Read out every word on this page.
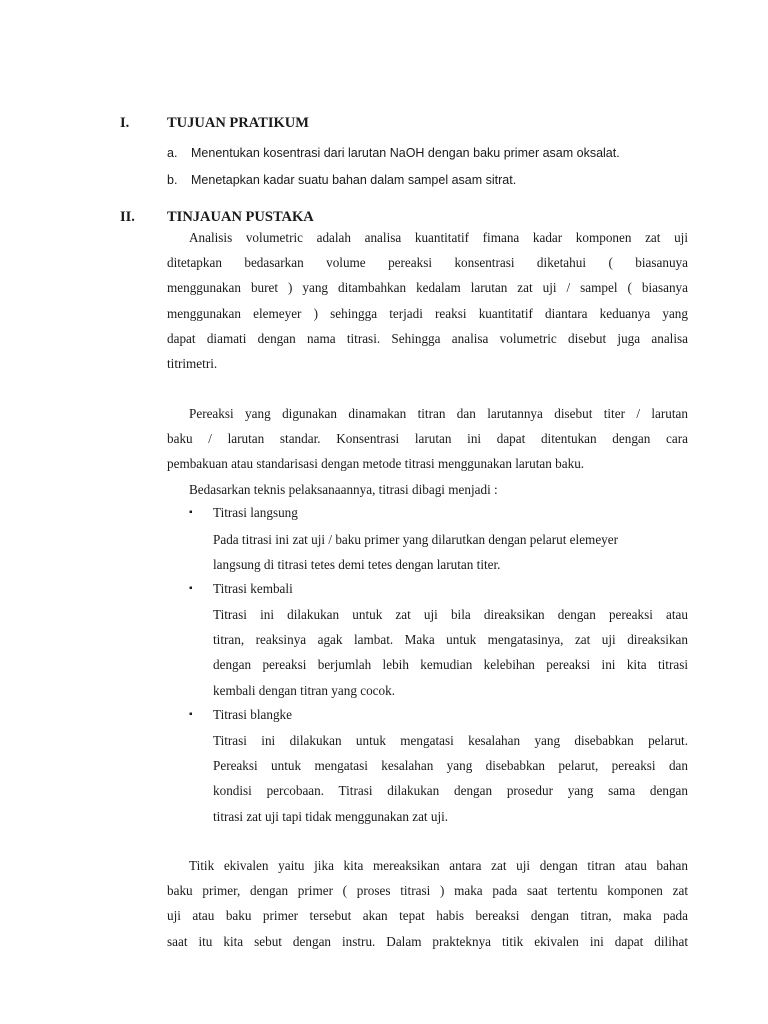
I.	TUJUAN PRATIKUM
a. Menentukan kosentrasi dari larutan NaOH dengan baku primer asam oksalat.
b. Menetapkan kadar suatu bahan dalam sampel asam sitrat.
II. TINJAUAN PUSTAKA
Analisis volumetric adalah analisa kuantitatif fimana kadar komponen zat uji
ditetapkan bedasarkan volume pereaksi konsentrasi diketahui ( biasanuya
menggunakan buret ) yang ditambahkan kedalam larutan zat uji / sampel ( biasanya
menggunakan elemeyer ) sehingga terjadi reaksi kuantitatif diantara keduanya yang
dapat diamati dengan nama titrasi. Sehingga analisa volumetric disebut juga analisa
titrimetri.
Pereaksi yang digunakan dinamakan titran dan larutannya disebut titer / larutan
baku / larutan standar. Konsentrasi larutan ini dapat ditentukan dengan cara
pembakuan atau standarisasi dengan metode titrasi menggunakan larutan baku.
Bedasarkan teknis pelaksanaannya, titrasi dibagi menjadi :
▪ Titrasi langsung
Pada titrasi ini zat uji / baku primer yang dilarutkan dengan pelarut elemeyer
langsung di titrasi tetes demi tetes dengan larutan titer.
▪ Titrasi kembali
Titrasi ini dilakukan untuk zat uji bila direaksikan dengan pereaksi atau
titran, reaksinya agak lambat. Maka untuk mengatasinya, zat uji direaksikan
dengan pereaksi berjumlah lebih kemudian kelebihan pereaksi ini kita titrasi
kembali dengan titran yang cocok.
▪ Titrasi blangke
Titrasi ini dilakukan untuk mengatasi kesalahan yang disebabkan pelarut.
Pereaksi untuk mengatasi kesalahan yang disebabkan pelarut, pereaksi dan
kondisi percobaan. Titrasi dilakukan dengan prosedur yang sama dengan
titrasi zat uji tapi tidak menggunakan zat uji.
Titik ekivalen yaitu jika kita mereaksikan antara zat uji dengan titran atau bahan
baku primer, dengan primer ( proses titrasi ) maka pada saat tertentu komponen zat
uji atau baku primer tersebut akan tepat habis bereaksi dengan titran, maka pada
saat itu kita sebut dengan instru. Dalam prakteknya titik ekivalen ini dapat dilihat
